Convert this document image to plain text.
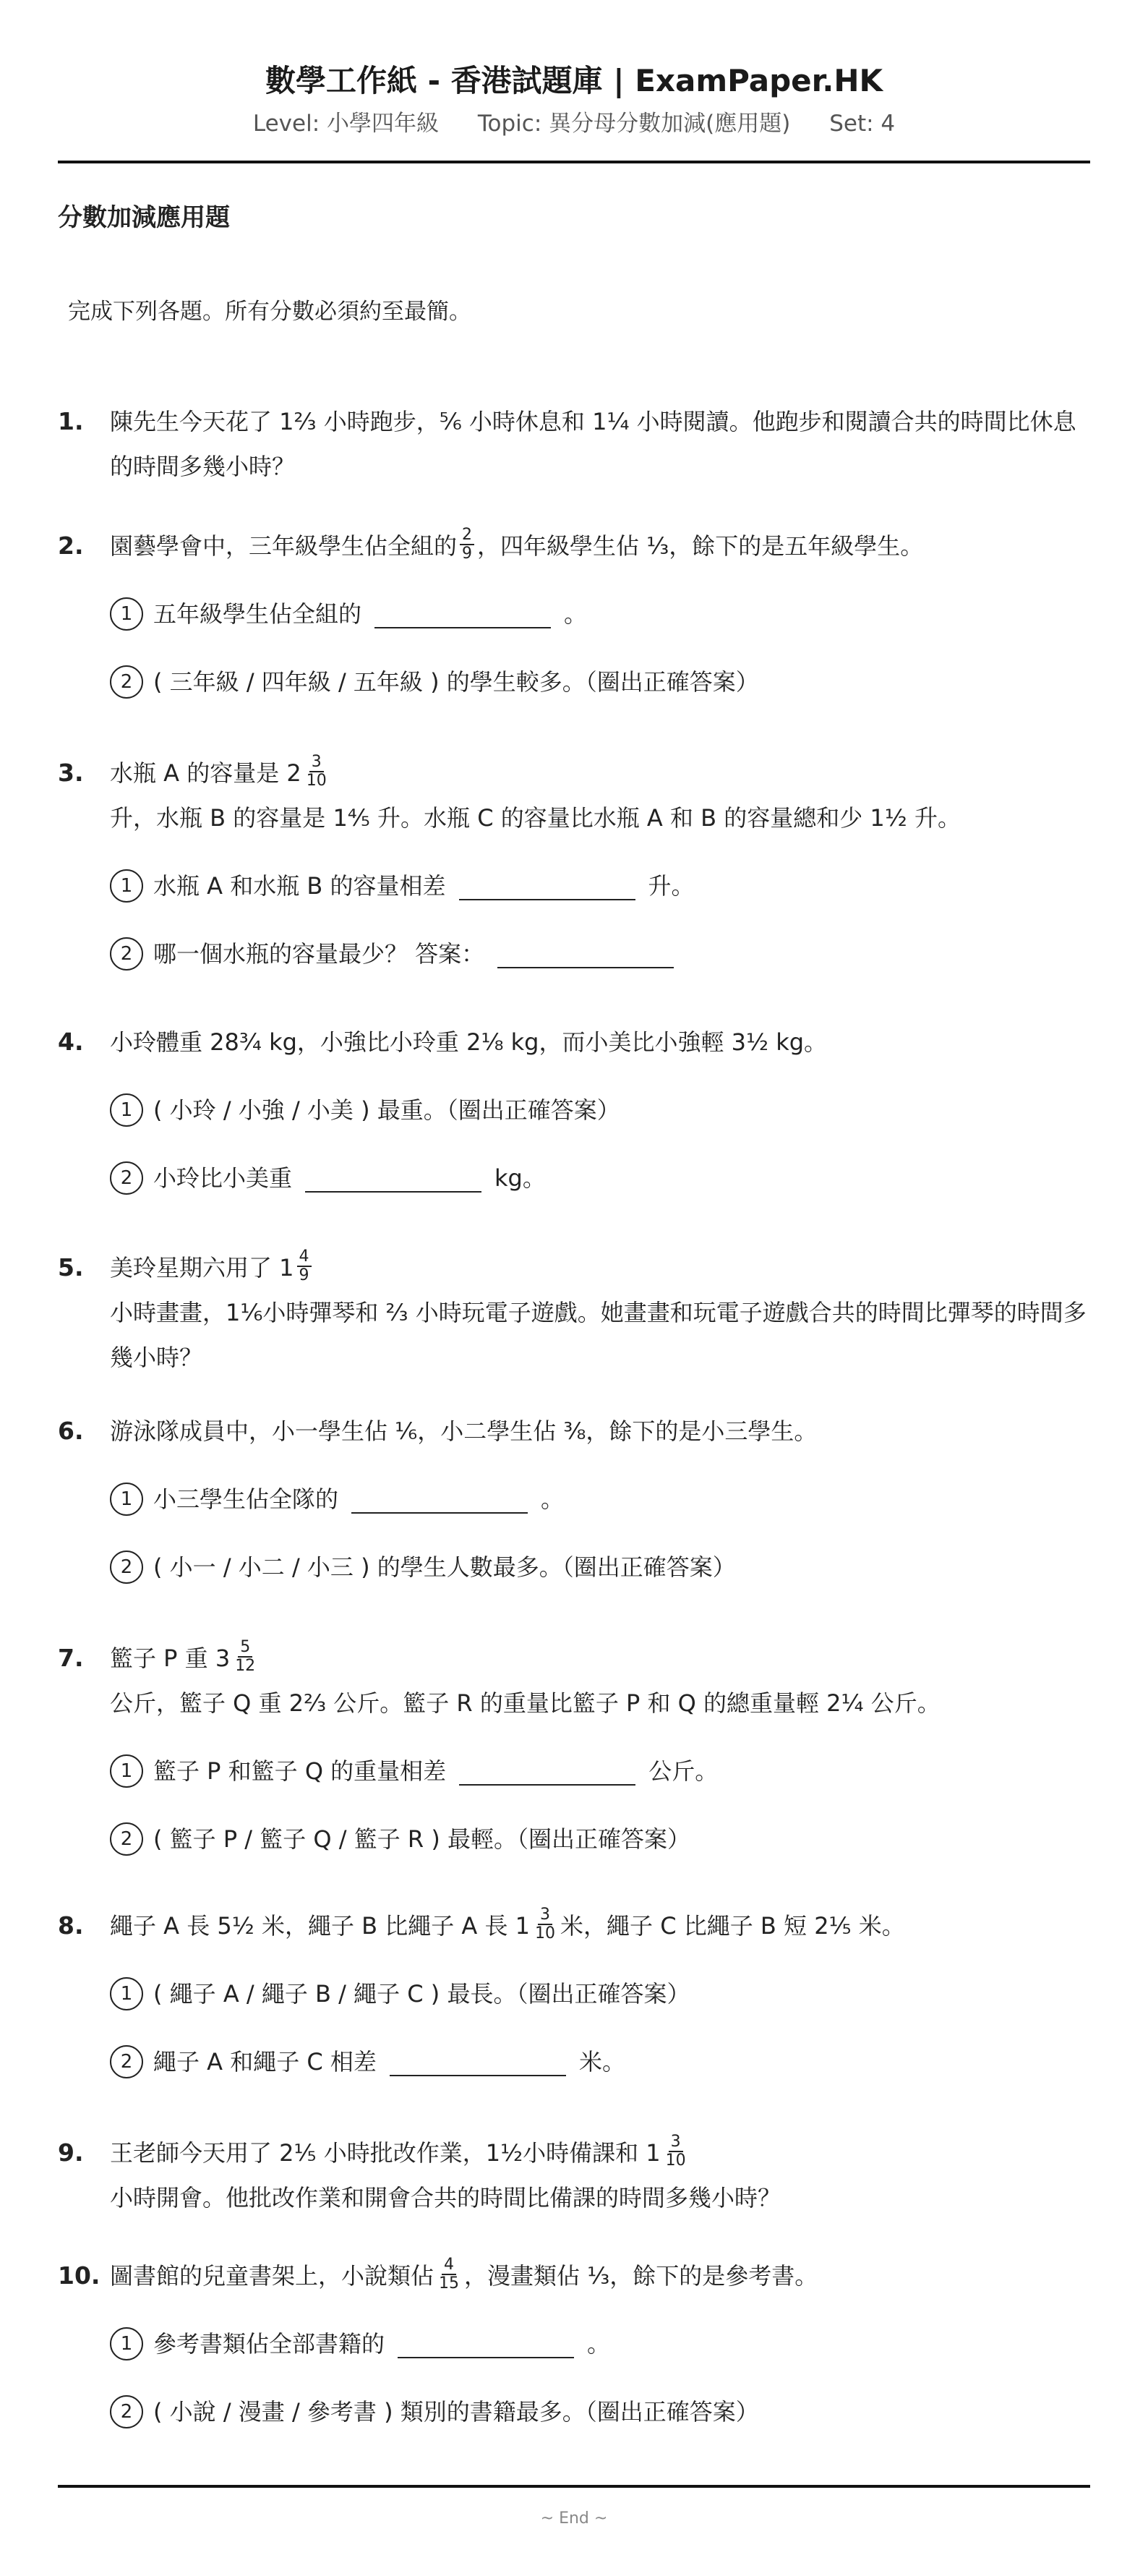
數學工作紙 - 香港試題庫 | ExamPaper.HK
Level: 小學四年級 Topic: 異分母分數加減(應用題) Set: 4
分數加減應用題
完成下列各題。所有分數必須約至最簡。
1. 陳先生今天花了 1⅔ 小時跑步，⅚ 小時休息和 1¼ 小時閱讀。他跑步和閱讀合共的時間比休息的時間多幾小時？
2. 園藝學會中，三年級學生佔全組的 $\frac{2}{9}$ ，四年級學生佔 ⅓，餘下的是五年級學生。
1 五年級學生佔全組的	。
2 ( 三年級 / 四年級 / 五年級 ) 的學生較多。（圈出正確答案）
3. 水瓶 A 的容量是 $2 \frac{3}{10}$

升，水瓶 B 的容量是 1⅘ 升。水瓶 C 的容量比水瓶 A 和 B 的容量總和少 1½ 升。
1 水瓶 A 和水瓶 B 的容量相差	升。
2 哪一個水瓶的容量最少？ 答案：
4. 小玲體重 28¾ kg，小強比小玲重 2⅛ kg，而小美比小強輕 3½ kg。
1 ( 小玲 / 小強 / 小美 ) 最重。（圈出正確答案）
2 小玲比小美重	kg。
5. 美玲星期六用了 $1 \frac{4}{9}$

小時畫畫，1⅙小時彈琴和 ⅔ 小時玩電子遊戲。她畫畫和玩電子遊戲合共的時間比彈琴的時間多幾小時？
6. 游泳隊成員中，小一學生佔 ⅙，小二學生佔 ⅜，餘下的是小三學生。
1 小三學生佔全隊的	。
2 ( 小一 / 小二 / 小三 ) 的學生人數最多。（圈出正確答案）
7. 籃子 P 重 $3 \frac{5}{12}$

公斤，籃子 Q 重 2⅔ 公斤。籃子 R 的重量比籃子 P 和 Q 的總重量輕 2¼ 公斤。
1 籃子 P 和籃子 Q 的重量相差	公斤。
2 ( 籃子 P / 籃子 Q / 籃子 R ) 最輕。（圈出正確答案）
8. 繩子 A 長 5½ 米，繩子 B 比繩子 A 長 $1 \frac{3}{10}$ 米，繩子 C 比繩子 B 短 2⅕ 米。
1 ( 繩子 A / 繩子 B / 繩子 C ) 最長。（圈出正確答案）
2 繩子 A 和繩子 C 相差	米。
9. 王老師今天用了 2⅕ 小時批改作業，1½小時備課和 $1 \frac{3}{10}$

小時開會。他批改作業和開會合共的時間比備課的時間多幾小時？
10. 圖書館的兒童書架上，小說類佔 $\frac{4}{15}$ ，漫畫類佔 ⅓，餘下的是參考書。
1 參考書類佔全部書籍的	。
2 ( 小說 / 漫畫 / 參考書 ) 類別的書籍最多。（圈出正確答案）
~ End ~
